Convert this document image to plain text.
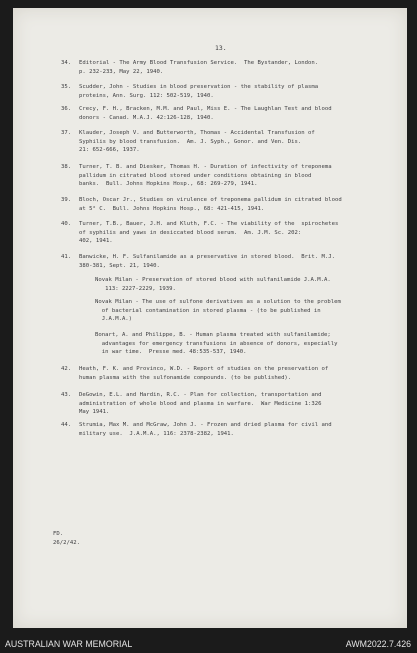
13.
34.	Editorial - The Army Blood Transfusion Service.  The Bystander, London.
p. 232-233, May 22, 1940.
35.	Scudder, John - Studies in blood preservation - the stability of plasma
proteins, Ann. Surg. 112: 502-519, 1940.
36.	Crecy, F. H., Bracken, M.M. and Paul, Miss E. - The Laughlan Test and blood
donors - Canad. M.A.J. 42:126-128, 1940.
37.	Klauder, Joseph V. and Butterworth, Thomas - Accidental Transfusion of
Syphilis by blood transfusion.  Am. J. Syph., Gonor. and Ven. Dis.
21: 652-666, 1937.
38.	Turner, T. B. and Diesker, Thomas H. - Duration of infectivity of treponema
pallidum in citrated blood stored under conditions obtaining in blood
banks.  Bull. Johns Hopkins Hosp., 68: 269-279, 1941.
39.	Bloch, Oscar Jr., Studies on virulence of treponema pallidum in citrated blood
at 5° C.  Bull. Johns Hopkins Hosp., 68: 421-415, 1941.
40.	Turner, T.B., Bauer, J.H. and Kluth, F.C. - The viability of the  spirochetes
of syphilis and yaws in desiccated blood serum.  Am. J.M. Sc. 202:
402, 1941.
41.	Banwicke, H. F. Sulfanilamide as a preservative in stored blood.  Brit. M.J.
380-381, Sept. 21, 1940.
Novak Milan - Preservation of stored blood with sulfanilamide J.A.M.A.
113: 2227-2229, 1939.
Novak Milan - The use of sulfone derivatives as a solution to the problem
of bacterial contamination in stored plasma - (to be published in
J.A.M.A.)
Bonart, A. and Philippe, B. - Human plasma treated with sulfanilamide;
advantages for emergency transfusions in absence of donors, especially
in war time.  Presse med. 48:535-537, 1940.
42.	Heath, F. K. and Provinco, W.D. - Report of studies on the preservation of
human plasma with the sulfonamide compounds. (to be published).
43.	DeGowin, E.L. and Hardin, R.C. - Plan for collection, transportation and
administration of whole blood and plasma in warfare.  War Medicine 1:326
May 1941.
44.	Strumia, Max M. and McGraw, John J. - Frozen and dried plasma for civil and
military use.  J.A.M.A., 116: 2378-2382, 1941.
FD.
26/2/42.
AUSTRALIAN WAR MEMORIAL	AWM2022.7.426
